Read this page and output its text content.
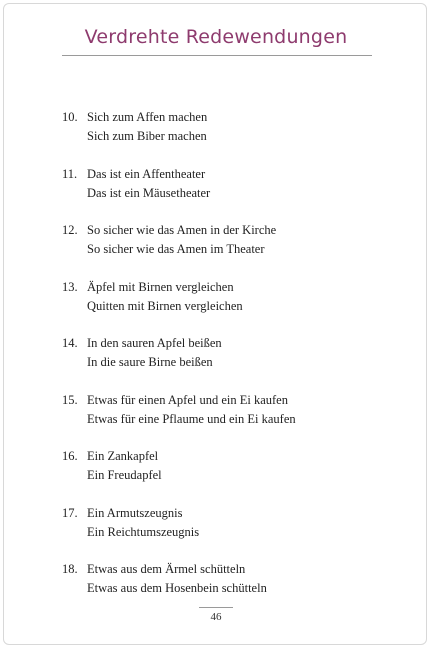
Verdrehte Redewendungen
10. Sich zum Affen machen
Sich zum Biber machen
11. Das ist ein Affentheater
Das ist ein Mäusetheater
12. So sicher wie das Amen in der Kirche
So sicher wie das Amen im Theater
13. Äpfel mit Birnen vergleichen
Quitten mit Birnen vergleichen
14. In den sauren Apfel beißen
In die saure Birne beißen
15. Etwas für einen Apfel und ein Ei kaufen
Etwas für eine Pflaume und ein Ei kaufen
16. Ein Zankapfel
Ein Freudapfel
17. Ein Armutszeugnis
Ein Reichtumszeugnis
18. Etwas aus dem Ärmel schütteln
Etwas aus dem Hosenbein schütteln
46
